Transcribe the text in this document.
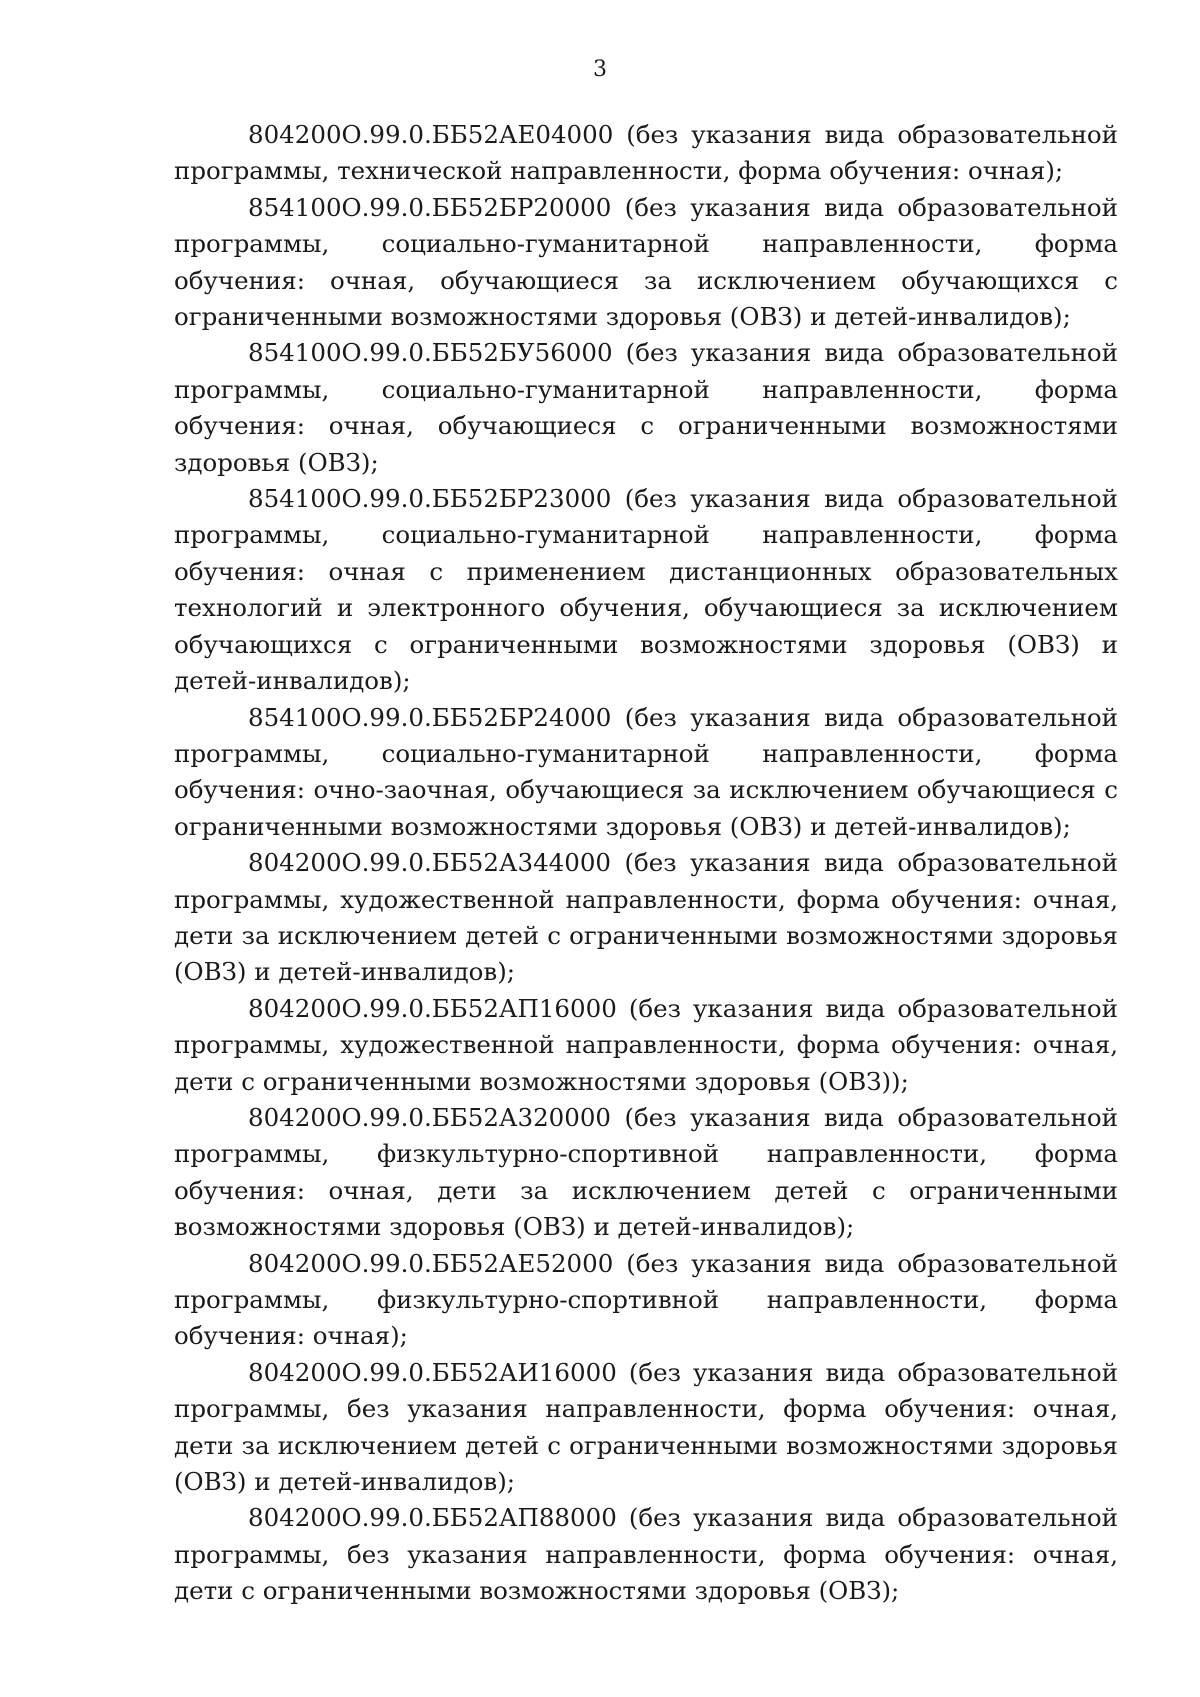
3

804200О.99.0.ББ52АЕ04000 (без указания вида образовательной программы, технической направленности, форма обучения: очная);

854100О.99.0.ББ52БР20000 (без указания вида образовательной программы, социально-гуманитарной направленности, форма обучения: очная, обучающиеся за исключением обучающихся с ограниченными возможностями здоровья (ОВЗ) и детей-инвалидов);

854100О.99.0.ББ52БУ56000 (без указания вида образовательной программы, социально-гуманитарной направленности, форма обучения: очная, обучающиеся с ограниченными возможностями здоровья (ОВЗ);

854100О.99.0.ББ52БР23000 (без указания вида образовательной программы, социально-гуманитарной направленности, форма обучения: очная с применением дистанционных образовательных технологий и электронного обучения, обучающиеся за исключением обучающихся с ограниченными возможностями здоровья (ОВЗ) и детей-инвалидов);

854100О.99.0.ББ52БР24000 (без указания вида образовательной программы, социально-гуманитарной направленности, форма обучения: очно-заочная, обучающиеся за исключением обучающиеся с ограниченными возможностями здоровья (ОВЗ) и детей-инвалидов);

804200О.99.0.ББ52А344000 (без указания вида образовательной программы, художественной направленности, форма обучения: очная, дети за исключением детей с ограниченными возможностями здоровья (ОВЗ) и детей-инвалидов);

804200О.99.0.ББ52АП16000 (без указания вида образовательной программы, художественной направленности, форма обучения: очная, дети с ограниченными возможностями здоровья (ОВЗ));

804200О.99.0.ББ52А320000 (без указания вида образовательной программы, физкультурно-спортивной направленности, форма обучения: очная, дети за исключением детей с ограниченными возможностями здоровья (ОВЗ) и детей-инвалидов);

804200О.99.0.ББ52АЕ52000 (без указания вида образовательной программы, физкультурно-спортивной направленности, форма обучения: очная);

804200О.99.0.ББ52АИ16000 (без указания вида образовательной программы, без указания направленности, форма обучения: очная, дети за исключением детей с ограниченными возможностями здоровья (ОВЗ) и детей-инвалидов);

804200О.99.0.ББ52АП88000 (без указания вида образовательной программы, без указания направленности, форма обучения: очная, дети с ограниченными возможностями здоровья (ОВЗ);
